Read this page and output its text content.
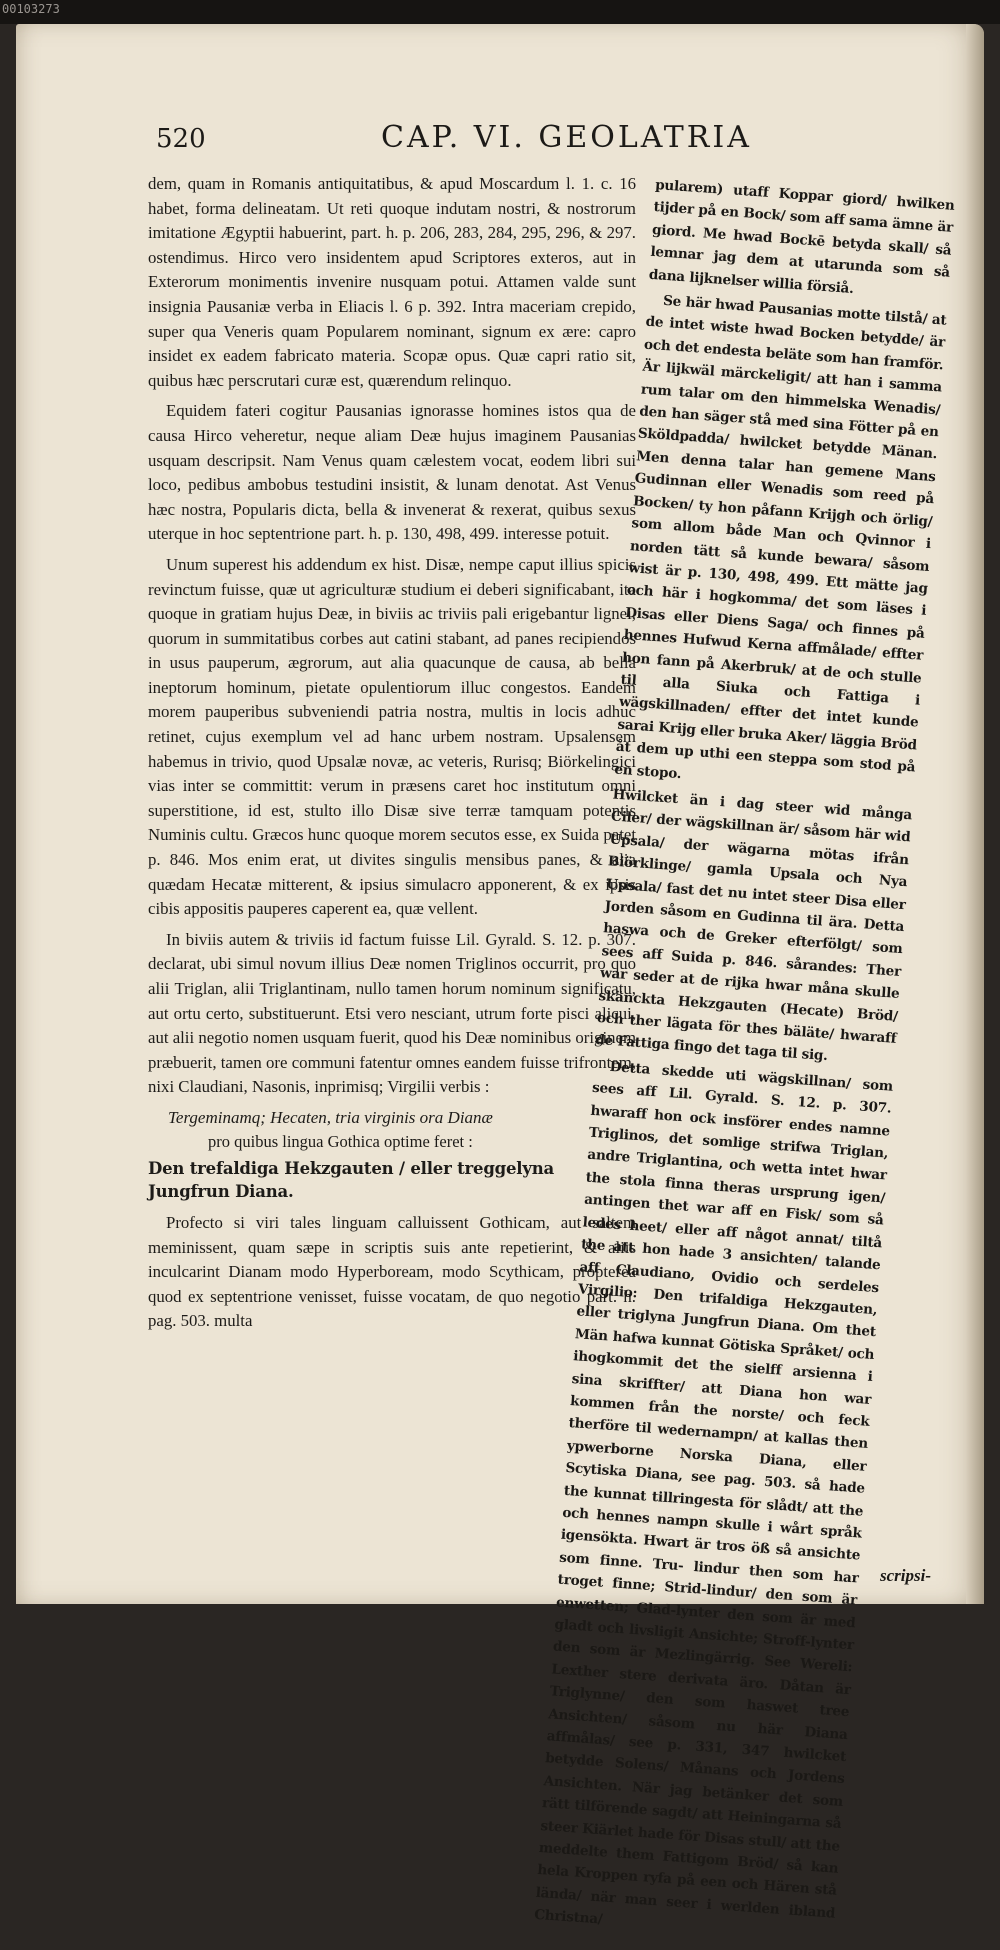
00103273
520	CAP. VI. GEOLATRIA

dem, quam in Romanis antiquitatibus, & apud Moscardum l. 1. c. 16 habet, forma delineatam. Ut reti quoque indutam nostri, & nostrorum imitatione Ægyptii habuerint, part. h. p. 206, 283, 284, 295, 296, & 297. ostendimus. Hirco vero insidentem apud Scriptores exteros, aut in Exterorum monimentis invenire nusquam potui. Attamen valde sunt insignia Pausaniæ verba in Eliacis l. 6 p. 392. Intra maceriam crepido, super qua Veneris quam Popularem nominant, signum ex ære: capro insidet ex eadem fabricato materia. Scopæ opus. Quæ capri ratio sit, quibus hæc perscrutari curæ est, quærendum relinquo.

Equidem fateri cogitur Pausanias ignorasse homines istos qua de causa Hirco veheretur, neque aliam Deæ hujus imaginem Pausanias usquam descripsit. Nam Venus quam cælestem vocat, eodem libri sui loco, pedibus ambobus testudini insistit, & lunam denotat. Ast Venus hæc nostra, Popularis dicta, bella & invenerat & rexerat, quibus sexus uterque in hoc septentrione part. h. p. 130, 498, 499. interesse potuit.

Unum superest his addendum ex hist. Disæ, nempe caput illius spicis revinctum fuisse, quæ ut agriculturæ studium ei deberi significabant, ita quoque in gratiam hujus Deæ, in biviis ac triviis pali erigebantur lignei, quorum in summitatibus corbes aut catini stabant, ad panes recipiendos in usus pauperum, ægrorum, aut alia quacunque de causa, ab bella ineptorum hominum, pietate opulentiorum illuc congestos. Eandem morem pauperibus subveniendi patria nostra, multis in locis adhuc retinet, cujus exemplum vel ad hanc urbem nostram. Upsalensem habemus in trivio, quod Upsalæ novæ, ac veteris, Rurisq; Biörkelingici vias inter se committit: verum in præsens caret hoc institutum omni superstitione, id est, stulto illo Disæ sive terræ tamquam potentis Numinis cultu. Græcos hunc quoque morem secutos esse, ex Suida patet p. 846. Mos enim erat, ut divites singulis mensibus panes, & alia quædam Hecatæ mitterent, & ipsius simulacro apponerent, & ex ipsis cibis appositis pauperes caperent ea, quæ vellent.

In biviis autem & triviis id factum fuisse Lil. Gyrald. S. 12. p. 307. declarat, ubi simul novum illius Deæ nomen Triglinos occurrit, pro quo alii Triglan, alii Triglantinam, nullo tamen horum nominum significatu, aut ortu certo, substituerunt. Etsi vero nesciant, utrum forte pisci alicui, aut alii negotio nomen usquam fuerit, quod his Deæ nominibus originem præbuerit, tamen ore communi fatentur omnes eandem fuisse trifrontem, nixi Claudiani, Nasonis, inprimisq; Virgilii verbis :

Tergeminamq; Hecaten, tria virginis ora Dianæ
pro quibus lingua Gothica optime feret :
Den trefaldiga Hekzgauten / eller treggelyna Jungfrun Diana.

Profecto si viri tales linguam calluissent Gothicam, aut saltem meminissent, quam sæpe in scriptis suis ante repetierint, & aliis inculcarint Dianam modo Hyperboream, modo Scythicam, propterea quod ex septentrione venisset, fuisse vocatam, de quo negotio part. h. pag. 503. multa

pularem) utaff Koppar giord/ hwilken tijder på en Bock/ som aff sama ämne är giord. Me hwad Bockē betyda skall/ så lemnar jag dem at utarunda som så dana lijknelser willia försiå.

Se här hwad Pausanias motte tilstå/ at de intet wiste hwad Bocken betydde/ är och det endesta beläte som han framför. Är lijkwäl märckeligit/ att han i samma rum talar om den himmelska Wenadis/ den han säger stå med sina Fötter på en Sköldpadda/ hwilcket betydde Mänan. Men denna talar han gemene Mans Gudinnan eller Wenadis som reed på Bocken/ ty hon påfann Krijgh och örlig/ som allom både Man och Qvinnor i norden tätt så kunde bewara/ såsom wist är p. 130, 498, 499. Ett mätte jag och här i hogkomma/ det som läses i Disas eller Diens Saga/ och finnes på hennes Hufwud Kerna affmålade/ effter hon fann på Akerbruk/ at de och stulle til alla Siuka och Fattiga i wägskillnaden/ effter det intet kunde sarai Krijg eller bruka Aker/ läggia Bröd åt dem up uthi een steppa som stod på en stopo.

Hwilcket än i dag steer wid många Ciler/ der wägskillnan är/ såsom här wid Upsala/ der wägarna mötas ifrån Biörklinge/ gamla Upsala och Nya Upsala/ fast det nu intet steer Disa eller Jorden såsom en Gudinna til ära. Detta haswa och de Greker efterfölgt/ som sees aff Suida p. 846. sårandes: Ther war seder at de rijka hwar måna skulle skänckta Hekzgauten (Hecate) Bröd/ och ther lägata för thes bäläte/ hwaraff de Fattiga fingo det taga til sig.

Detta skedde uti wägskillnan/ som sees aff Lil. Gyrald. S. 12. p. 307. hwaraff hon ock insförer endes namne Triglinos, det somlige strifwa Triglan, andre Triglantina, och wetta intet hwar the stola finna theras ursprung igen/ antingen thet war aff en Fisk/ som så ledes heet/ eller aff något annat/ tiltå the att hon hade 3 ansichten/ talande aff Claudiano, Ovidio och serdeles Virgilio: Den trifaldiga Hekzgauten, eller triglyna Jungfrun Diana. Om thet Män hafwa kunnat Götiska Språket/ och ihogkommit det the sielff arsienna i sina skriffter/ att Diana hon war kommen från the norste/ och feck therföre til wedernampn/ at kallas then ypwerborne Norska Diana, eller Scytiska Diana, see pag. 503. så hade the kunnat tillringesta för slådt/ att the och hennes nampn skulle i wårt språk igensökta. Hwart är tros öß så ansichte som finne. Tru- lindur then som har troget finne; Strid-lindur/ den som är enwetten; Glad-lynter den som är med gladt och livsligit Ansichte; Stroff-lynter den som är Mezlingärrig. See Wereli: Lexther stere derivata äro. Dåtan är Triglynne/ den som haswet tree Ansichten/ såsom nu här Diana affmålas/ see p. 331, 347 hwilcket betydde Solens/ Månans och Jordens Ansichten. När jag betänker det som rätt tilförende sagdt/ att Heiningarna så steer Kiärlet hade för Disas stull/ att the meddelte them Fattigom Bröd/ så kan hela Kroppen ryfa på een och Hären stå lända/ när man seer i werlden ibland Christna/

scripsi-
